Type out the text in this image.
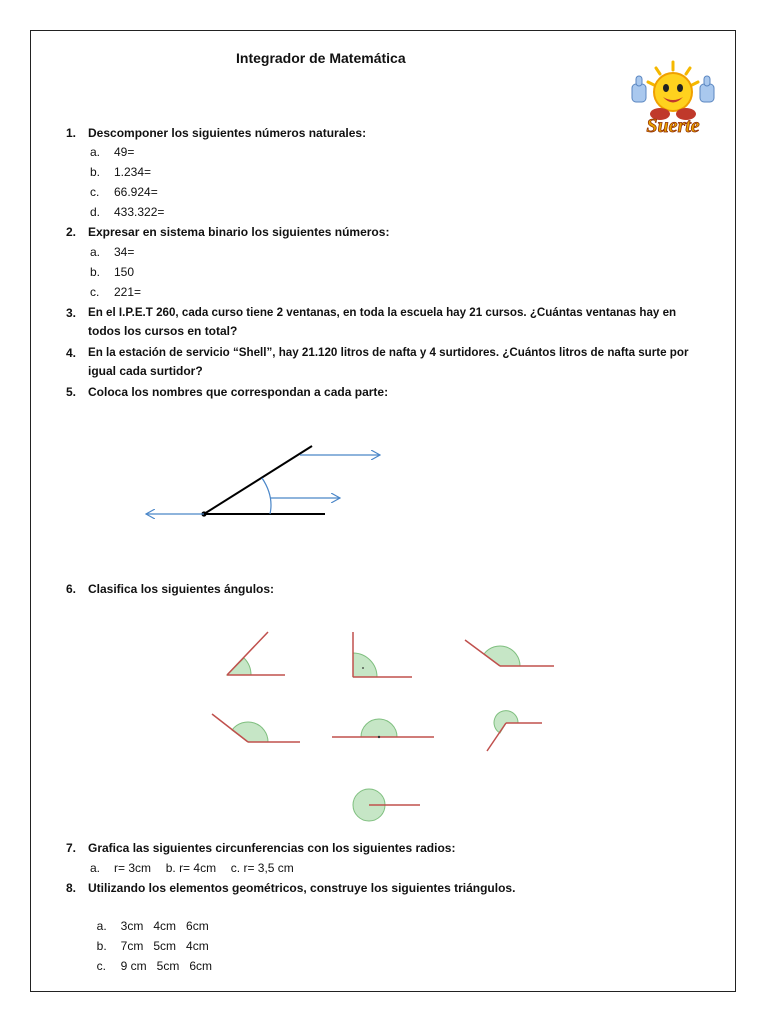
Integrador de Matemática
Suerte
1. Descomponer los siguientes números naturales:
a. 49=
b. 1.234=
c. 66.924=
d. 433.322=
2. Expresar en sistema binario los siguientes números:
a. 34=
b. 150
c. 221=
3.	En el I.P.E.T 260, cada curso tiene 2 ventanas, en toda la escuela hay 21 cursos. ¿Cuántas ventanas hay en
todos los cursos en total?
4.	En la estación de servicio “Shell”, hay 21.120 litros de nafta y 4 surtidores. ¿Cuántos litros de nafta surte por
igual cada surtidor?
5. Coloca los nombres que correspondan a cada parte:
6. Clasifica los siguientes ángulos:
7. Grafica las siguientes circunferencias con los siguientes radios:
a. r= 3cm b. r= 4cm c. r= 3,5 cm
8. Utilizando los elementos geométricos, construye los siguientes triángulos.

a. 3cm   4cm   6cm

b. 7cm   5cm   4cm

c. 9 cm   5cm   6cm
